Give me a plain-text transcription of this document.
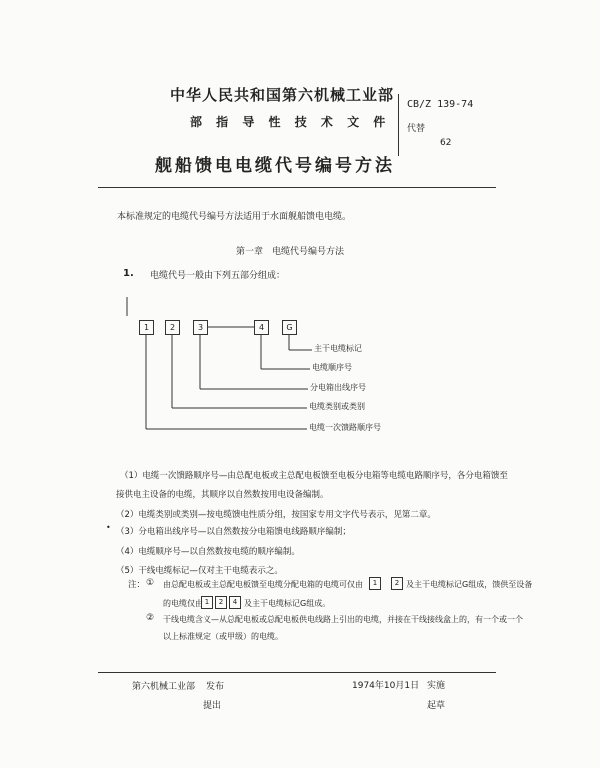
中华人民共和国第六机械工业部
部 指 导 性 技 术 文 件
CB/Z 139-74
代替
62
舰船馈电电缆代号编号方法
本标准规定的电缆代号编号方法适用于水面舰船馈电电缆。
第一章　电缆代号编号方法
1. 电缆代号一般由下列五部分组成：
1	2	3	4	G
主干电缆标记
电缆顺序号
分电箱出线序号
电缆类别或类别
电缆一次馈路顺序号
（1）电缆一次馈路顺序号—由总配电板或主总配电板馈至电板分电箱等电缆电路顺序号，各分电箱馈至
接供电主设备的电缆，其顺序以自然数按用电设备编制。
（2）电缆类别或类别—按电缆馈电性质分组，按国家专用文字代号表示，见第二章。
• （3）分电箱出线序号—以自然数按分电箱馈电线路顺序编制；
（4）电缆顺序号—以自然数按电缆的顺序编制。
（5）干线电缆标记—仅对主干电缆表示之。
注： ① 由总配电板或主总配电板馈至电缆分配电箱的电缆可仅由	1	2 及主干电缆标记G组成，馈供至设备
的电缆仅由 1	2	4 及主干电缆标记G组成。
② 干线电缆含义—从总配电板或总配电板供电线路上引出的电缆，并接在干线接线盒上的，有一个或一个
以上标准规定（或甲级）的电缆。
第六机械工业部 发布	1974年10月1日 实施
提出	起草
